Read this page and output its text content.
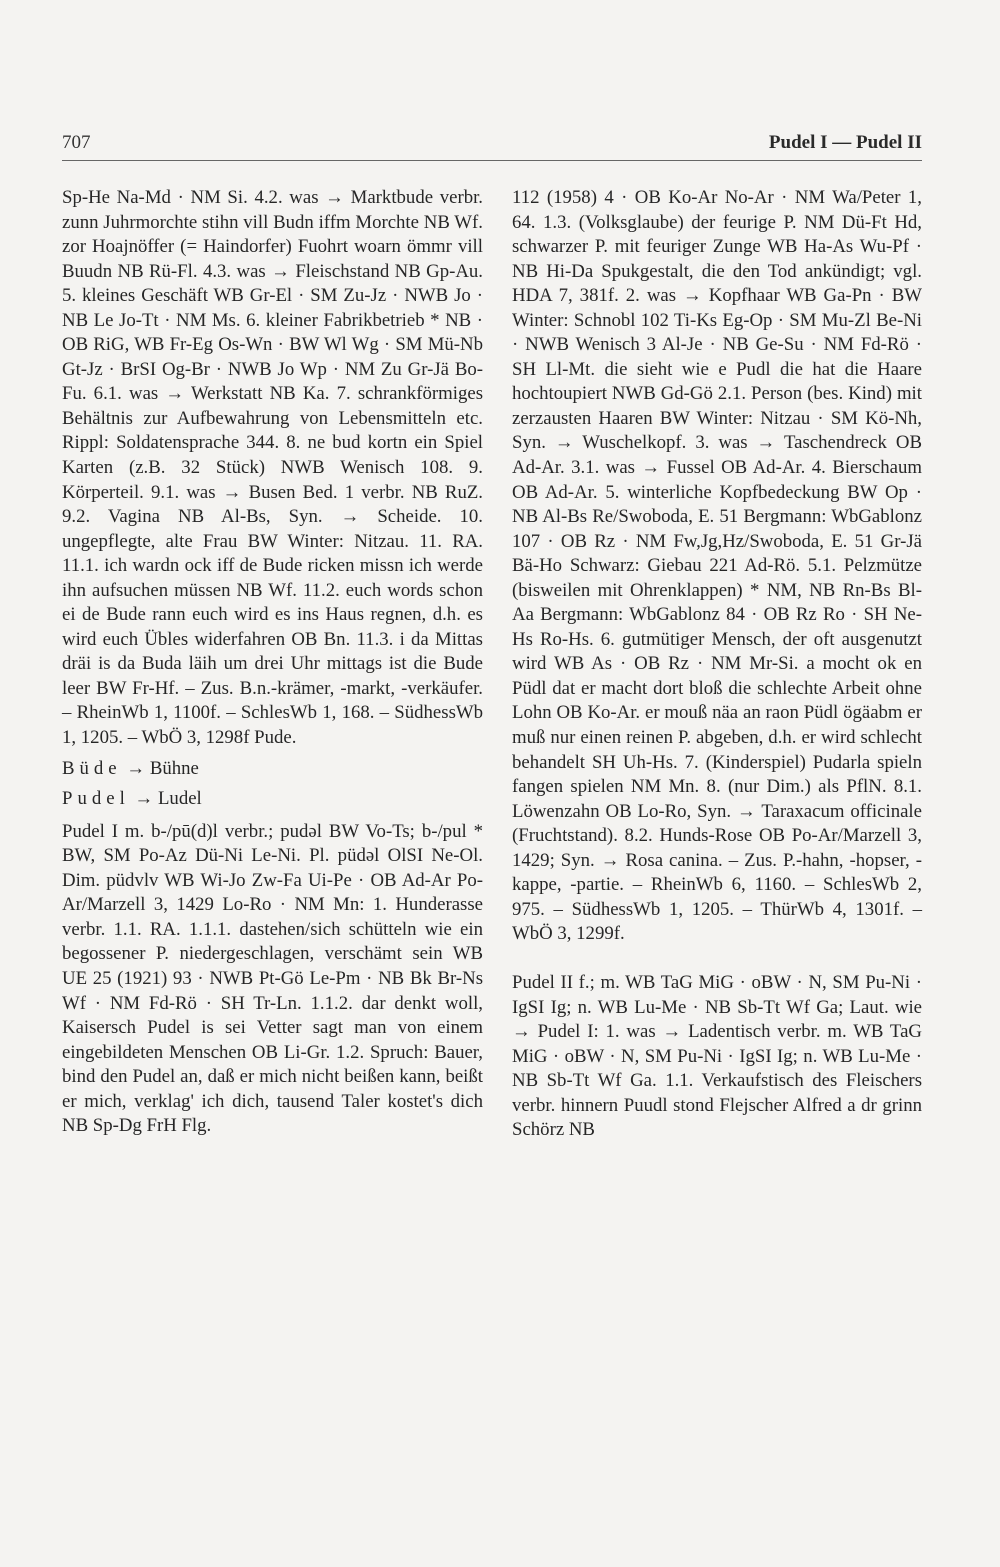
707	Pudel I — Pudel II

Sp-He Na-Md · NM Si. 4.2. was → Marktbude verbr. zunn Juhrmorchte stihn vill Budn iffm Morchte NB Wf. zor Hoajnöffer (= Haindorfer) Fuohrt woarn ömmr vill Buudn NB Rü-Fl. 4.3. was → Fleischstand NB Gp-Au. 5. kleines Geschäft WB Gr-El · SM Zu-Jz · NWB Jo · NB Le Jo-Tt · NM Ms. 6. kleiner Fabrikbetrieb * NB · OB RiG, WB Fr-Eg Os-Wn · BW Wl Wg · SM Mü-Nb Gt-Jz · BrSI Og-Br · NWB Jo Wp · NM Zu Gr-Jä Bo-Fu. 6.1. was → Werkstatt NB Ka. 7. schrankförmiges Behältnis zur Aufbewahrung von Lebensmitteln etc. Rippl: Soldatensprache 344. 8. ne bud kortn ein Spiel Karten (z.B. 32 Stück) NWB Wenisch 108. 9. Körperteil. 9.1. was → Busen Bed. 1 verbr. NB RuZ. 9.2. Vagina NB Al-Bs, Syn. → Scheide. 10. ungepflegte, alte Frau BW Winter: Nitzau. 11. RA. 11.1. ich wardn ock iff de Bude ricken missn ich werde ihn aufsuchen müssen NB Wf. 11.2. euch words schon ei de Bude rann euch wird es ins Haus regnen, d.h. es wird euch Übles widerfahren OB Bn. 11.3. i da Mittas dräi is da Buda läih um drei Uhr mittags ist die Bude leer BW Fr-Hf. – Zus. B.n.-krämer, -markt, -verkäufer. – RheinWb 1, 1100f. – SchlesWb 1, 168. – SüdhessWb 1, 1205. – WbÖ 3, 1298f Pude.

Büde → Bühne

Pudel → Ludel

Pudel I m. b-/pū(d)l verbr.; pudəl BW Vo-Ts; b-/pul * BW, SM Po-Az Dü-Ni Le-Ni. Pl. püdəl OlSI Ne-Ol. Dim. püdvlv WB Wi-Jo Zw-Fa Ui-Pe · OB Ad-Ar Po-Ar/Marzell 3, 1429 Lo-Ro · NM Mn: 1. Hunderasse verbr. 1.1. RA. 1.1.1. dastehen/sich schütteln wie ein begossener P. niedergeschlagen, verschämt sein WB UE 25 (1921) 93 · NWB Pt-Gö Le-Pm · NB Bk Br-Ns Wf · NM Fd-Rö · SH Tr-Ln. 1.1.2. dar denkt woll, Kaisersch Pudel is sei Vetter sagt man von einem eingebildeten Menschen OB Li-Gr. 1.2. Spruch: Bauer, bind den Pudel an, daß er mich nicht beißen kann, beißt er mich, verklag' ich dich, tausend Taler kostet's dich NB Sp-Dg FrH Flg.

112 (1958) 4 · OB Ko-Ar No-Ar · NM Wa/Peter 1, 64. 1.3. (Volksglaube) der feurige P. NM Dü-Ft Hd, schwarzer P. mit feuriger Zunge WB Ha-As Wu-Pf · NB Hi-Da Spukgestalt, die den Tod ankündigt; vgl. HDA 7, 381f. 2. was → Kopfhaar WB Ga-Pn · BW Winter: Schnobl 102 Ti-Ks Eg-Op · SM Mu-Zl Be-Ni · NWB Wenisch 3 Al-Je · NB Ge-Su · NM Fd-Rö · SH Ll-Mt. die sieht wie e Pudl die hat die Haare hochtoupiert NWB Gd-Gö 2.1. Person (bes. Kind) mit zerzausten Haaren BW Winter: Nitzau · SM Kö-Nh, Syn. → Wuschelkopf. 3. was → Taschendreck OB Ad-Ar. 3.1. was → Fussel OB Ad-Ar. 4. Bierschaum OB Ad-Ar. 5. winterliche Kopfbedeckung BW Op · NB Al-Bs Re/Swoboda, E. 51 Bergmann: WbGablonz 107 · OB Rz · NM Fw,Jg,Hz/Swoboda, E. 51 Gr-Jä Bä-Ho Schwarz: Giebau 221 Ad-Rö. 5.1. Pelzmütze (bisweilen mit Ohrenklappen) * NM, NB Rn-Bs Bl-Aa Bergmann: WbGablonz 84 · OB Rz Ro · SH Ne-Hs Ro-Hs. 6. gutmütiger Mensch, der oft ausgenutzt wird WB As · OB Rz · NM Mr-Si. a mocht ok en Püdl dat er macht dort bloß die schlechte Arbeit ohne Lohn OB Ko-Ar. er mouß näa an raon Püdl ögäabm er muß nur einen reinen P. abgeben, d.h. er wird schlecht behandelt SH Uh-Hs. 7. (Kinderspiel) Pudarla spieln fangen spielen NM Mn. 8. (nur Dim.) als PflN. 8.1. Löwenzahn OB Lo-Ro, Syn. → Taraxacum officinale (Fruchtstand). 8.2. Hunds-Rose OB Po-Ar/Marzell 3, 1429; Syn. → Rosa canina. – Zus. P.-hahn, -hopser, -kappe, -partie. – RheinWb 6, 1160. – SchlesWb 2, 975. – SüdhessWb 1, 1205. – ThürWb 4, 1301f. – WbÖ 3, 1299f.

Pudel II f.; m. WB TaG MiG · oBW · N, SM Pu-Ni · IgSI Ig; n. WB Lu-Me · NB Sb-Tt Wf Ga; Laut. wie → Pudel I: 1. was → Ladentisch verbr. m. WB TaG MiG · oBW · N, SM Pu-Ni · IgSI Ig; n. WB Lu-Me · NB Sb-Tt Wf Ga. 1.1. Verkaufstisch des Fleischers verbr. hinnern Puudl stond Flejscher Alfred a dr grinn Schörz NB
